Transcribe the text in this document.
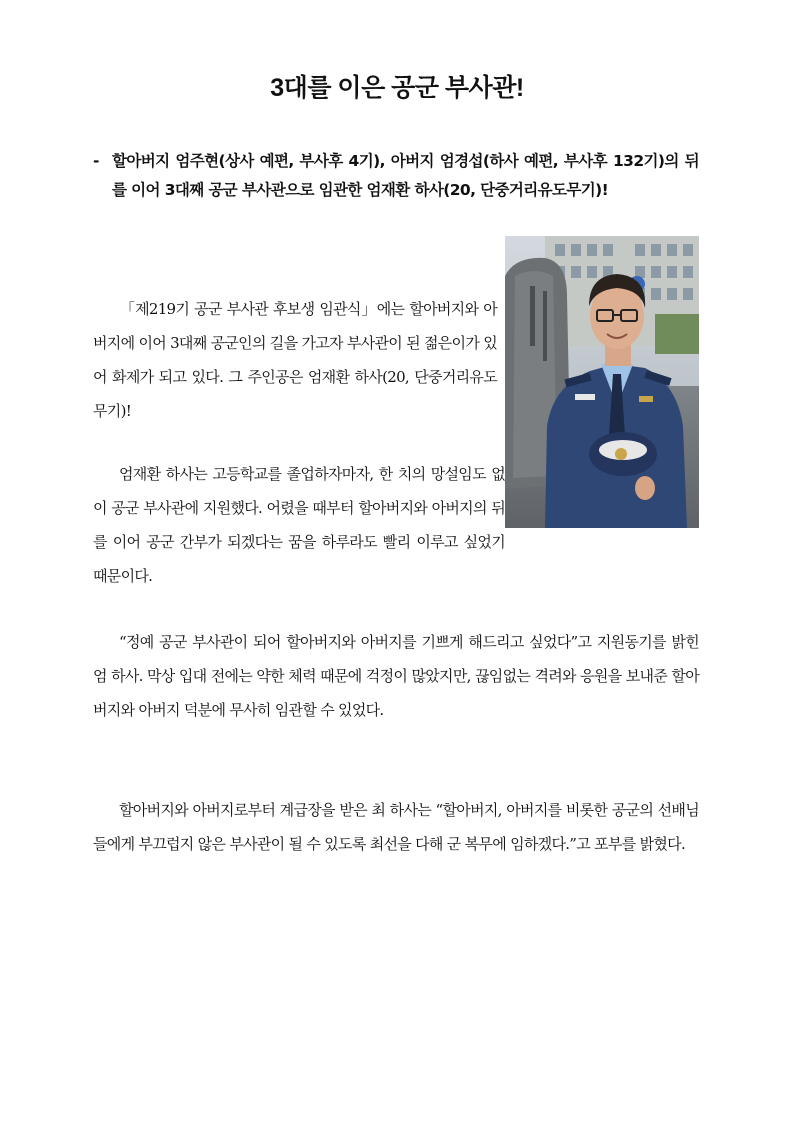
3대를 이은 공군 부사관!
- 할아버지 엄주현(상사 예편, 부사후 4기), 아버지 엄경섭(하사 예편, 부사후 132기)의 뒤를 이어 3대째 공군 부사관으로 임관한 엄재환 하사(20, 단중거리유도무기)!
「제219기 공군 부사관 후보생 임관식」에는 할아버지와 아버지에 이어 3대째 공군인의 길을 가고자 부사관이 된 젊은이가 있어 화제가 되고 있다. 그 주인공은 엄재환 하사(20, 단중거리유도무기)!
엄재환 하사는 고등학교를 졸업하자마자, 한 치의 망설임도 없이 공군 부사관에 지원했다. 어렸을 때부터 할아버지와 아버지의 뒤를 이어 공군 간부가 되겠다는 꿈을 하루라도 빨리 이루고 싶었기 때문이다.
“정예 공군 부사관이 되어 할아버지와 아버지를 기쁘게 해드리고 싶었다”고 지원동기를 밝힌 엄 하사. 막상 입대 전에는 약한 체력 때문에 걱정이 많았지만, 끊임없는 격려와 응원을 보내준 할아버지와 아버지 덕분에 무사히 임관할 수 있었다.
할아버지와 아버지로부터 계급장을 받은 최 하사는 “할아버지, 아버지를 비롯한 공군의 선배님들에게 부끄럽지 않은 부사관이 될 수 있도록 최선을 다해 군 복무에 임하겠다.”고 포부를 밝혔다.
